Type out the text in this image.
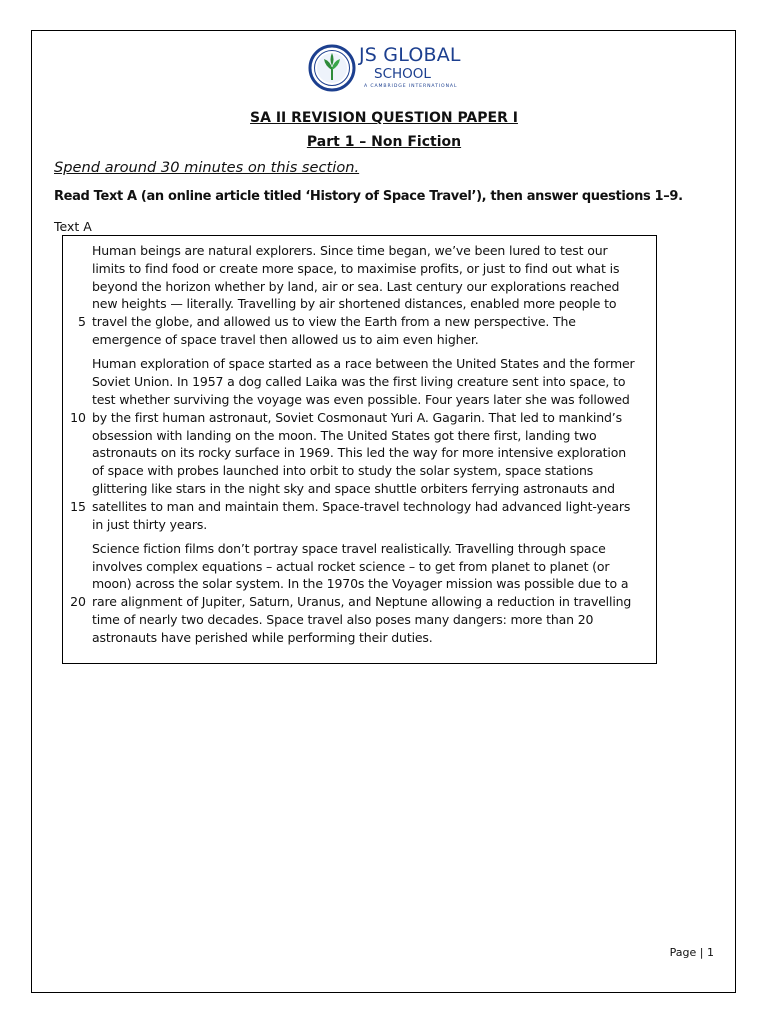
JS GLOBAL
SCHOOL
A CAMBRIDGE INTERNATIONAL
SA II REVISION QUESTION PAPER I
Part 1 – Non Fiction
Spend around 30 minutes on this section.
Read Text A (an online article titled ‘History of Space Travel’), then answer questions 1–9.
Text A
Human beings are natural explorers. Since time began, we’ve been lured to test our
limits to find food or create more space, to maximise profits, or just to find out what is
beyond the horizon whether by land, air or sea. Last century our explorations reached
new heights — literally. Travelling by air shortened distances, enabled more people to
travel the globe, and allowed us to view the Earth from a new perspective. The
5
emergence of space travel then allowed us to aim even higher.
Human exploration of space started as a race between the United States and the former
Soviet Union. In 1957 a dog called Laika was the first living creature sent into space, to
test whether surviving the voyage was even possible. Four years later she was followed
by the first human astronaut, Soviet Cosmonaut Yuri A. Gagarin. That led to mankind’s
10
obsession with landing on the moon. The United States got there first, landing two
astronauts on its rocky surface in 1969. This led the way for more intensive exploration
of space with probes launched into orbit to study the solar system, space stations
glittering like stars in the night sky and space shuttle orbiters ferrying astronauts and
satellites to man and maintain them. Space-travel technology had advanced light-years
15
in just thirty years.
Science fiction films don’t portray space travel realistically. Travelling through space
involves complex equations – actual rocket science – to get from planet to planet (or
moon) across the solar system. In the 1970s the Voyager mission was possible due to a
rare alignment of Jupiter, Saturn, Uranus, and Neptune allowing a reduction in travelling
20
time of nearly two decades. Space travel also poses many dangers: more than 20
astronauts have perished while performing their duties.
Page | 1
